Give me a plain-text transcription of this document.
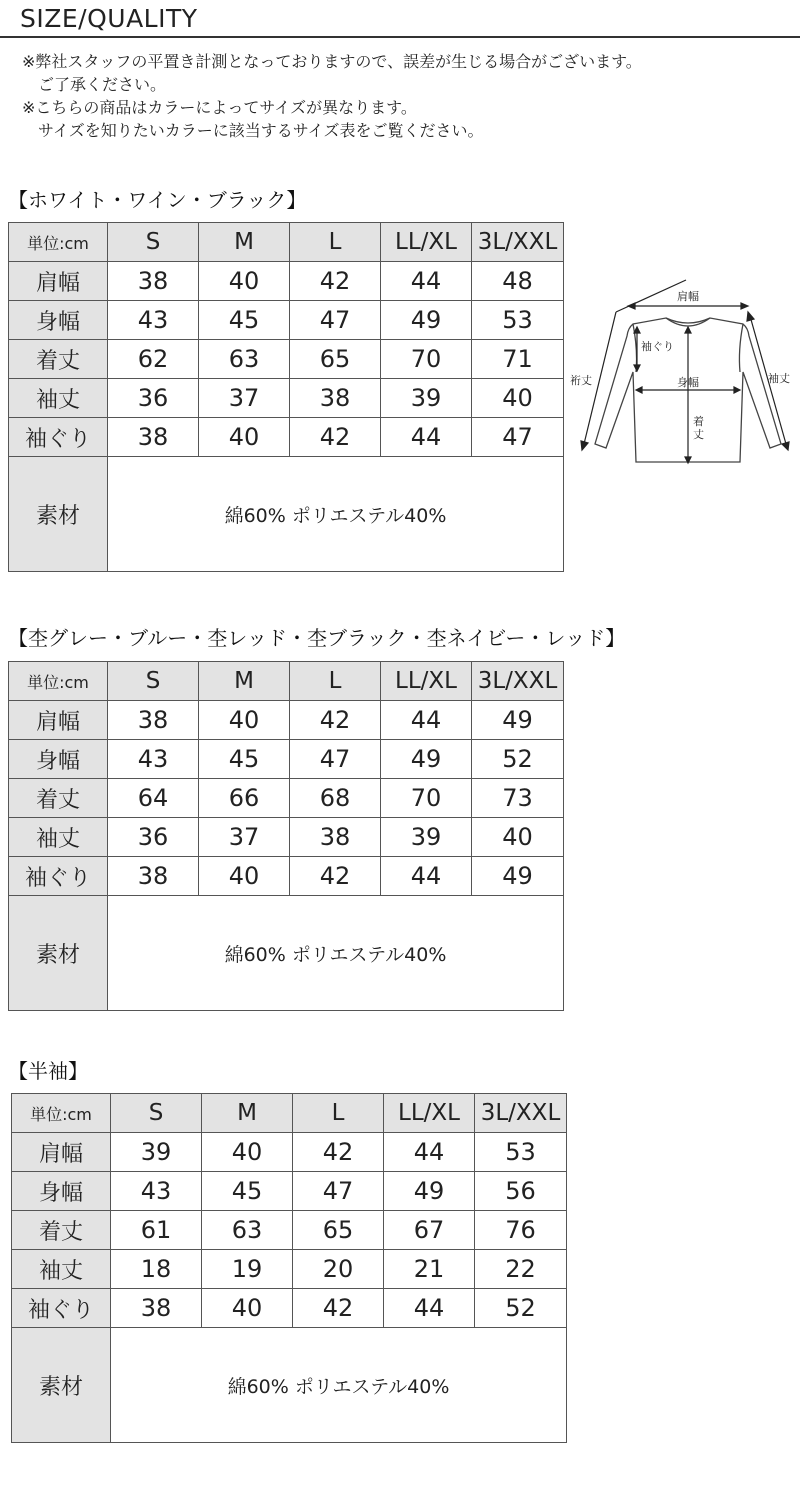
SIZE/QUALITY
※弊社スタッフの平置き計測となっておりますので、誤差が生じる場合がございます。
ご了承ください。
※こちらの商品はカラーによってサイズが異なります。
サイズを知りたいカラーに該当するサイズ表をご覧ください。
【ホワイト・ワイン・ブラック】
単位:cm	S	M	L	LL/XL	3L/XXL
肩幅	38	40	42	44	48
身幅	43	45	47	49	53
着丈	62	63	65	70	71
袖丈	36	37	38	39	40
袖ぐり	38	40	42	44	47
素材	綿60% ポリエステル40%				
肩幅
袖ぐり
裄丈	身幅	袖丈
着
丈
【杢グレー・ブルー・杢レッド・杢ブラック・杢ネイビー・レッド】
単位:cm	S	M	L	LL/XL	3L/XXL
肩幅	38	40	42	44	49
身幅	43	45	47	49	52
着丈	64	66	68	70	73
袖丈	36	37	38	39	40
袖ぐり	38	40	42	44	49
素材	綿60% ポリエステル40%				
【半袖】
単位:cm	S	M	L	LL/XL	3L/XXL
肩幅	39	40	42	44	53
身幅	43	45	47	49	56
着丈	61	63	65	67	76
袖丈	18	19	20	21	22
袖ぐり	38	40	42	44	52
素材	綿60% ポリエステル40%				
